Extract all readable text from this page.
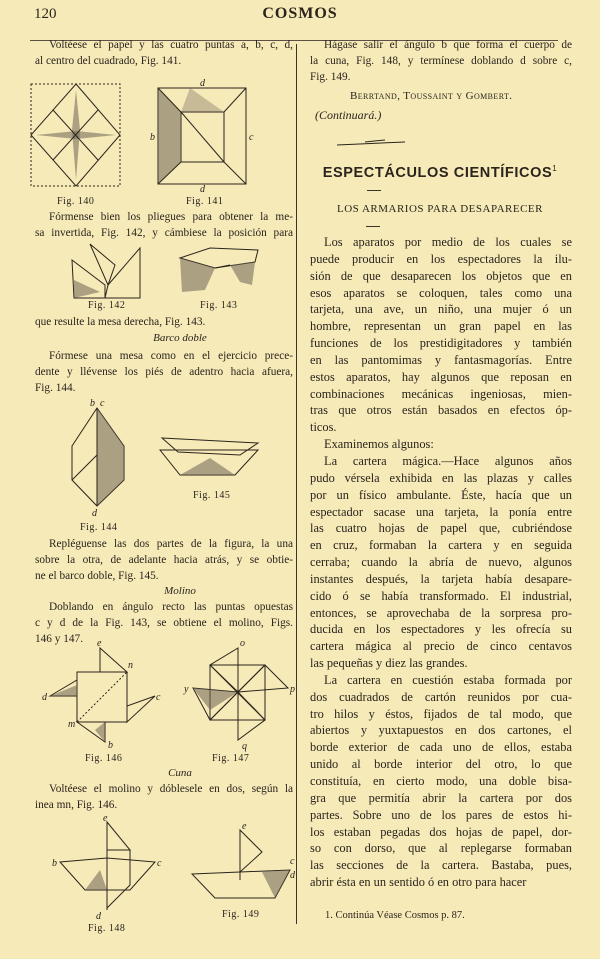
120	COSMOS
Voltéese el papel y las cuatro puntas a, b, c, d,
al centro del cuadrado, Fig. 141.
d
b	c
d
Fig. 140	Fig. 141
Fórmense bien los pliegues para obtener la me-
sa invertida, Fig. 142, y cámbiese la posición para
Fig. 142	Fig. 143
que resulte la mesa derecha, Fig. 143.
Barco doble
Fórmese una mesa como en el ejercicio prece-
dente y llévense los piés de adentro hacia afuera,
Fig. 144.
b c
d
Fig. 145
Fig. 144
Repléguense las dos partes de la figura, la una
sobre la otra, de adelante hacia atrás, y se obtie-
ne el barco doble, Fig. 145.
Molino
Doblando en ángulo recto las puntas opuestas
c y d de la Fig. 143, se obtiene el molino, Figs.
146 y 147. e
n
d	c
m
b
o
y	p
q
Fig. 146	Fig. 147
Cuna
Voltéese el molino y dóblesele en dos, según la
inea mn, Fig. 146.
e
b	c
d
e
c
d
Fig. 148
Fig. 149
Hágase salir el ángulo b que forma el cuerpo de
la cuna, Fig. 148, y termínese doblando d sobre c,
Fig. 149.
Berrtand, Toussaint y Gombert.
(Continuará.)
ESPECTÁCULOS CIENTÍFICOS$^1$
LOS ARMARIOS PARA DESAPARECER
Los aparatos por medio de los cuales se
puede producir en los espectadores la ilu-
sión de que desaparecen los objetos que en
esos aparatos se coloquen, tales como una
tarjeta, una ave, un niño, una mujer ó un
hombre, representan un gran papel en las
funciones de los prestidigitadores y también
en las pantomimas y fantasmagorías. Entre
estos aparatos, hay algunos que reposan en
combinaciones mecánicas ingeniosas, mien-
tras que otros están basados en efectos óp-
ticos.
Examinemos algunos:
La cartera mágica.—Hace algunos años
pudo vérsela exhibida en las plazas y calles
por un físico ambulante. Éste, hacía que un
espectador sacase una tarjeta, la ponía entre
las cuatro hojas de papel que, cubriéndose
en cruz, formaban la cartera y en seguida
cerraba; cuando la abría de nuevo, algunos
instantes después, la tarjeta había desapare-
cido ó se había transformado. El industrial,
entonces, se aprovechaba de la sorpresa pro-
ducida en los espectadores y les ofrecía su
cartera mágica al precio de cinco centavos
las pequeñas y diez las grandes.
La cartera en cuestión estaba formada por
dos cuadrados de cartón reunidos por cua-
tro hilos y éstos, fijados de tal modo, que
abiertos y yuxtapuestos en dos cartones, el
borde exterior de cada uno de ellos, estaba
unido al borde interior del otro, lo que
constituía, en cierto modo, una doble bisa-
gra que permitía abrir la cartera por dos
partes. Sobre uno de los pares de estos hi-
los estaban pegadas dos hojas de papel, dor-
so con dorso, que al replegarse formaban
las secciones de la cartera. Bastaba, pues,
abrir ésta en un sentido ó en otro para hacer
1. Continúa Véase Cosmos p. 87.
